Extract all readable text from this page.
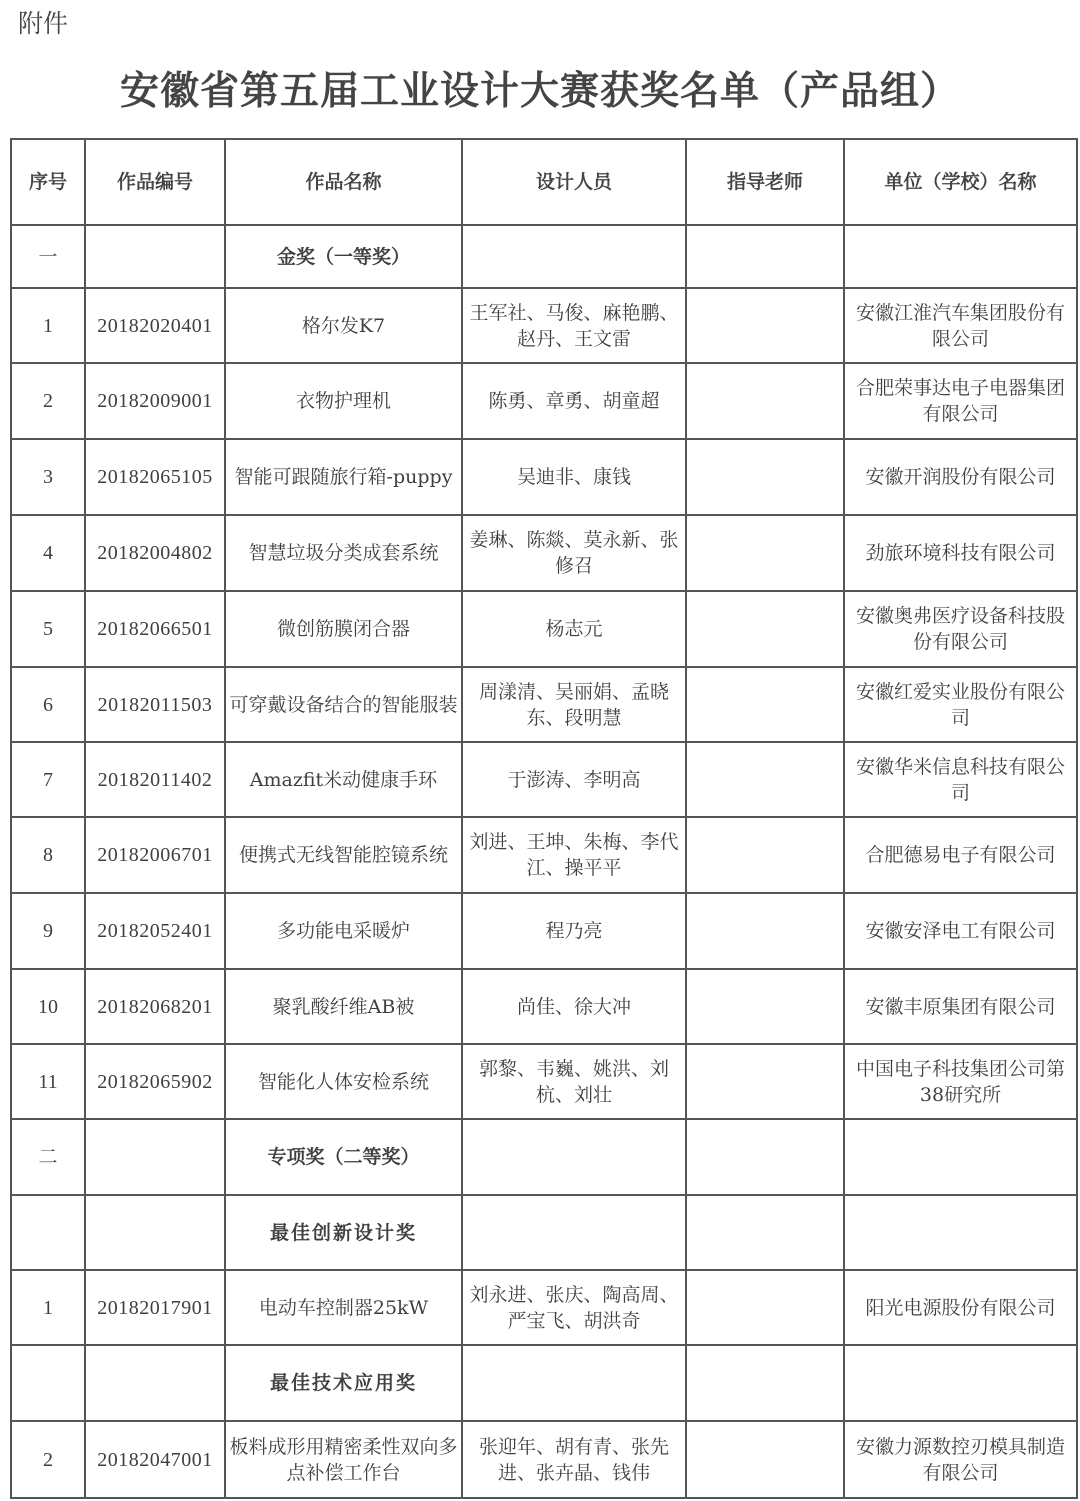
附件
安徽省第五届工业设计大赛获奖名单（产品组）
序号	作品编号	作品名称	设计人员	指导老师	单位（学校）名称
一		金奖（一等奖）			
1	20182020401	格尔发K7	王军社、马俊、麻艳鹏、赵丹、王文雷		安徽江淮汽车集团股份有限公司
2	20182009001	衣物护理机	陈勇、章勇、胡童超		合肥荣事达电子电器集团有限公司
3	20182065105	智能可跟随旅行箱-puppy	吴迪非、康钱		安徽开润股份有限公司
4	20182004802	智慧垃圾分类成套系统	姜琳、陈燚、莫永新、张修召		劲旅环境科技有限公司
5	20182066501	微创筋膜闭合器	杨志元		安徽奥弗医疗设备科技股份有限公司
6	20182011503	可穿戴设备结合的智能服装	周漾清、吴丽娟、孟晓东、段明慧		安徽红爱实业股份有限公司
7	20182011402	Amazfit米动健康手环	于澎涛、李明高		安徽华米信息科技有限公司
8	20182006701	便携式无线智能腔镜系统	刘进、王坤、朱梅、李代江、操平平		合肥德易电子有限公司
9	20182052401	多功能电采暖炉	程乃亮		安徽安泽电工有限公司
10	20182068201	聚乳酸纤维AB被	尚佳、徐大冲		安徽丰原集团有限公司
11	20182065902	智能化人体安检系统	郭黎、韦巍、姚洪、刘杭、刘壮		中国电子科技集团公司第38研究所
二		专项奖（二等奖）			
		最佳创新设计奖			
1	20182017901	电动车控制器25kW	刘永进、张庆、陶高周、严宝飞、胡洪奇		阳光电源股份有限公司
		最佳技术应用奖			
2	20182047001	板料成形用精密柔性双向多点补偿工作台	张迎年、胡有青、张先进、张卉晶、钱伟		安徽力源数控刃模具制造有限公司
